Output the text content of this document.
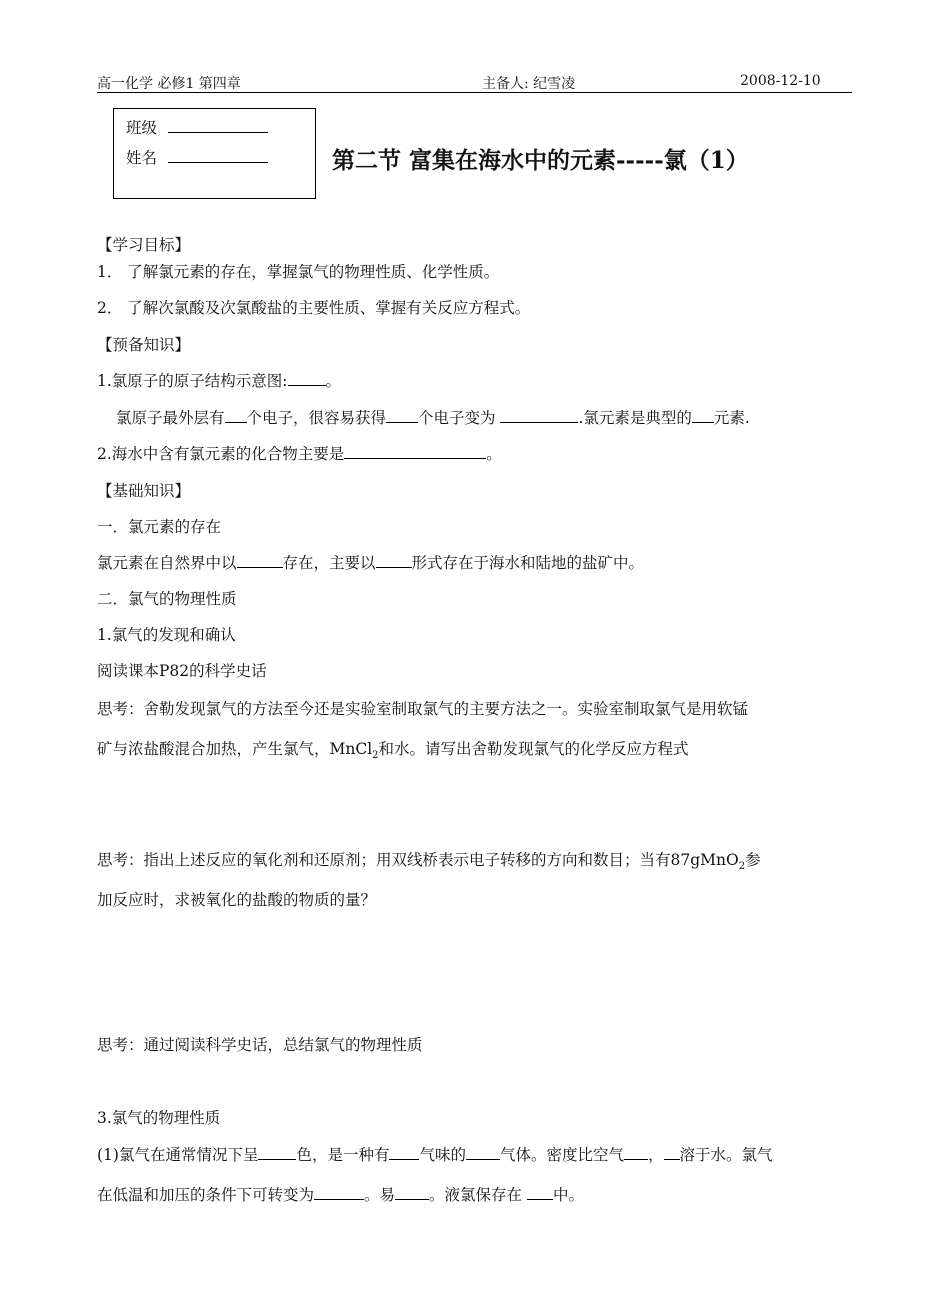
高一化学 必修1 第四章	主备人: 纪雪凌	2008-12-10
班级
姓名	第二节 富集在海水中的元素-----氯（1）
【学习目标】
1． 了解氯元素的存在，掌握氯气的物理性质、化学性质。
2． 了解次氯酸及次氯酸盐的主要性质、掌握有关反应方程式。
【预备知识】
1.氯原子的原子结构示意图: 。
氯原子最外层有 个电子，很容易获得 个电子变为	.氯元素是典型的 元素.
2.海水中含有氯元素的化合物主要是	。
【基础知识】
一．氯元素的存在
氯元素在自然界中以	存在，主要以 形式存在于海水和陆地的盐矿中。
二．氯气的物理性质
1.氯气的发现和确认
阅读课本P82的科学史话
思考：舍勒发现氯气的方法至今还是实验室制取氯气的主要方法之一。实验室制取氯气是用软锰
矿与浓盐酸混合加热，产生氯气，MnCl$_2$和水。请写出舍勒发现氯气的化学反应方程式
思考：指出上述反应的氧化剂和还原剂；用双线桥表示电子转移的方向和数目；当有87gMnO$_2$参
加反应时，求被氧化的盐酸的物质的量？
思考：通过阅读科学史话，总结氯气的物理性质
3.氯气的物理性质
(1)氯气在通常情况下呈 色，是一种有 气味的 气体。密度比空气 ， 溶于水。氯气
在低温和加压的条件下可转变为	。易 。液氯保存在 中。
